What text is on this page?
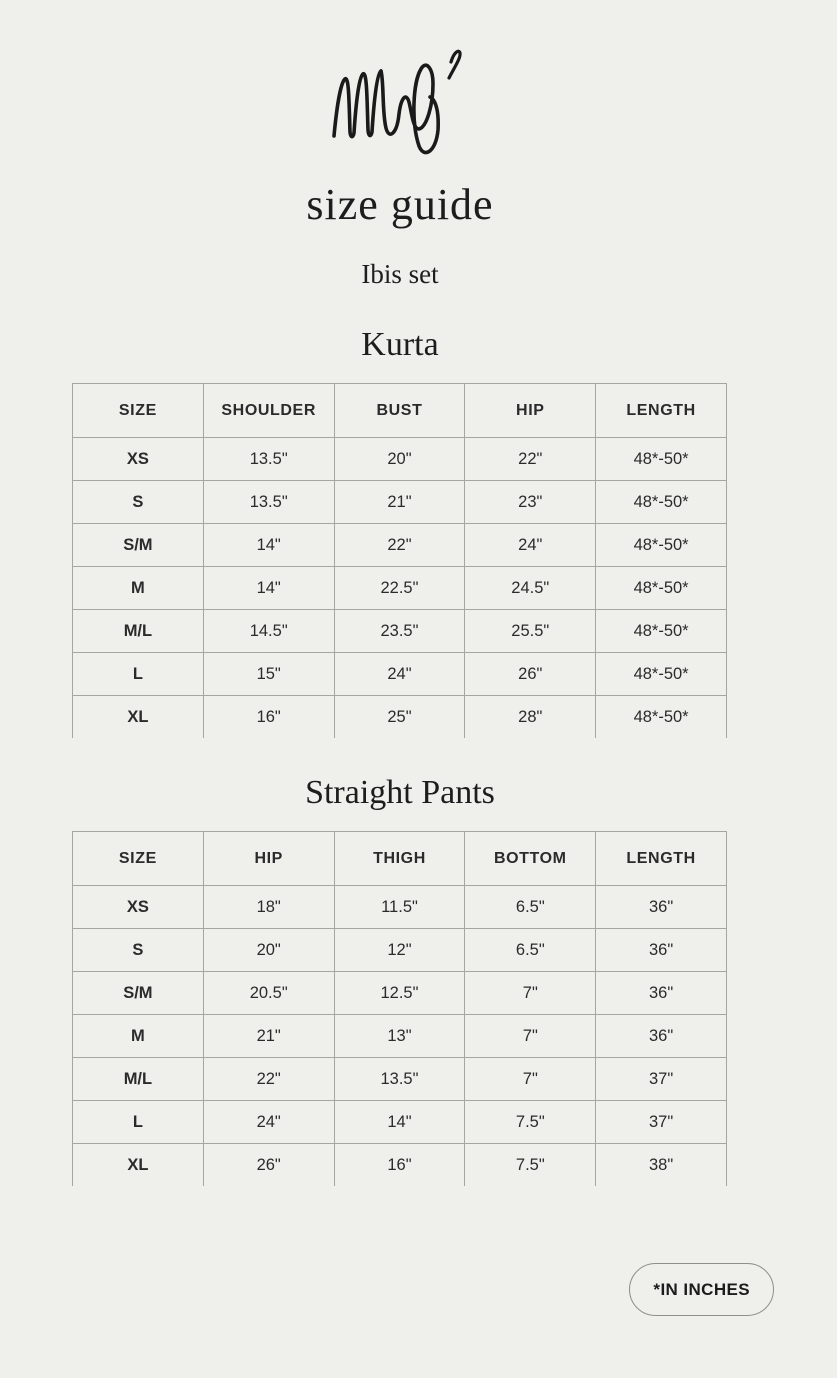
size guide
Ibis set
Kurta
SIZE	SHOULDER	BUST	HIP	LENGTH
XS	13.5"	20"	22"	48*-50*
S	13.5"	21"	23"	48*-50*
S/M	14"	22"	24"	48*-50*
M	14"	22.5"	24.5"	48*-50*
M/L	14.5"	23.5"	25.5"	48*-50*
L	15"	24"	26"	48*-50*
XL	16"	25"	28"	48*-50*
Straight Pants
SIZE	HIP	THIGH	BOTTOM	LENGTH
XS	18"	11.5"	6.5"	36"
S	20"	12"	6.5"	36"
S/M	20.5"	12.5"	7"	36"
M	21"	13"	7"	36"
M/L	22"	13.5"	7"	37"
L	24"	14"	7.5"	37"
XL	26"	16"	7.5"	38"
*IN INCHES
